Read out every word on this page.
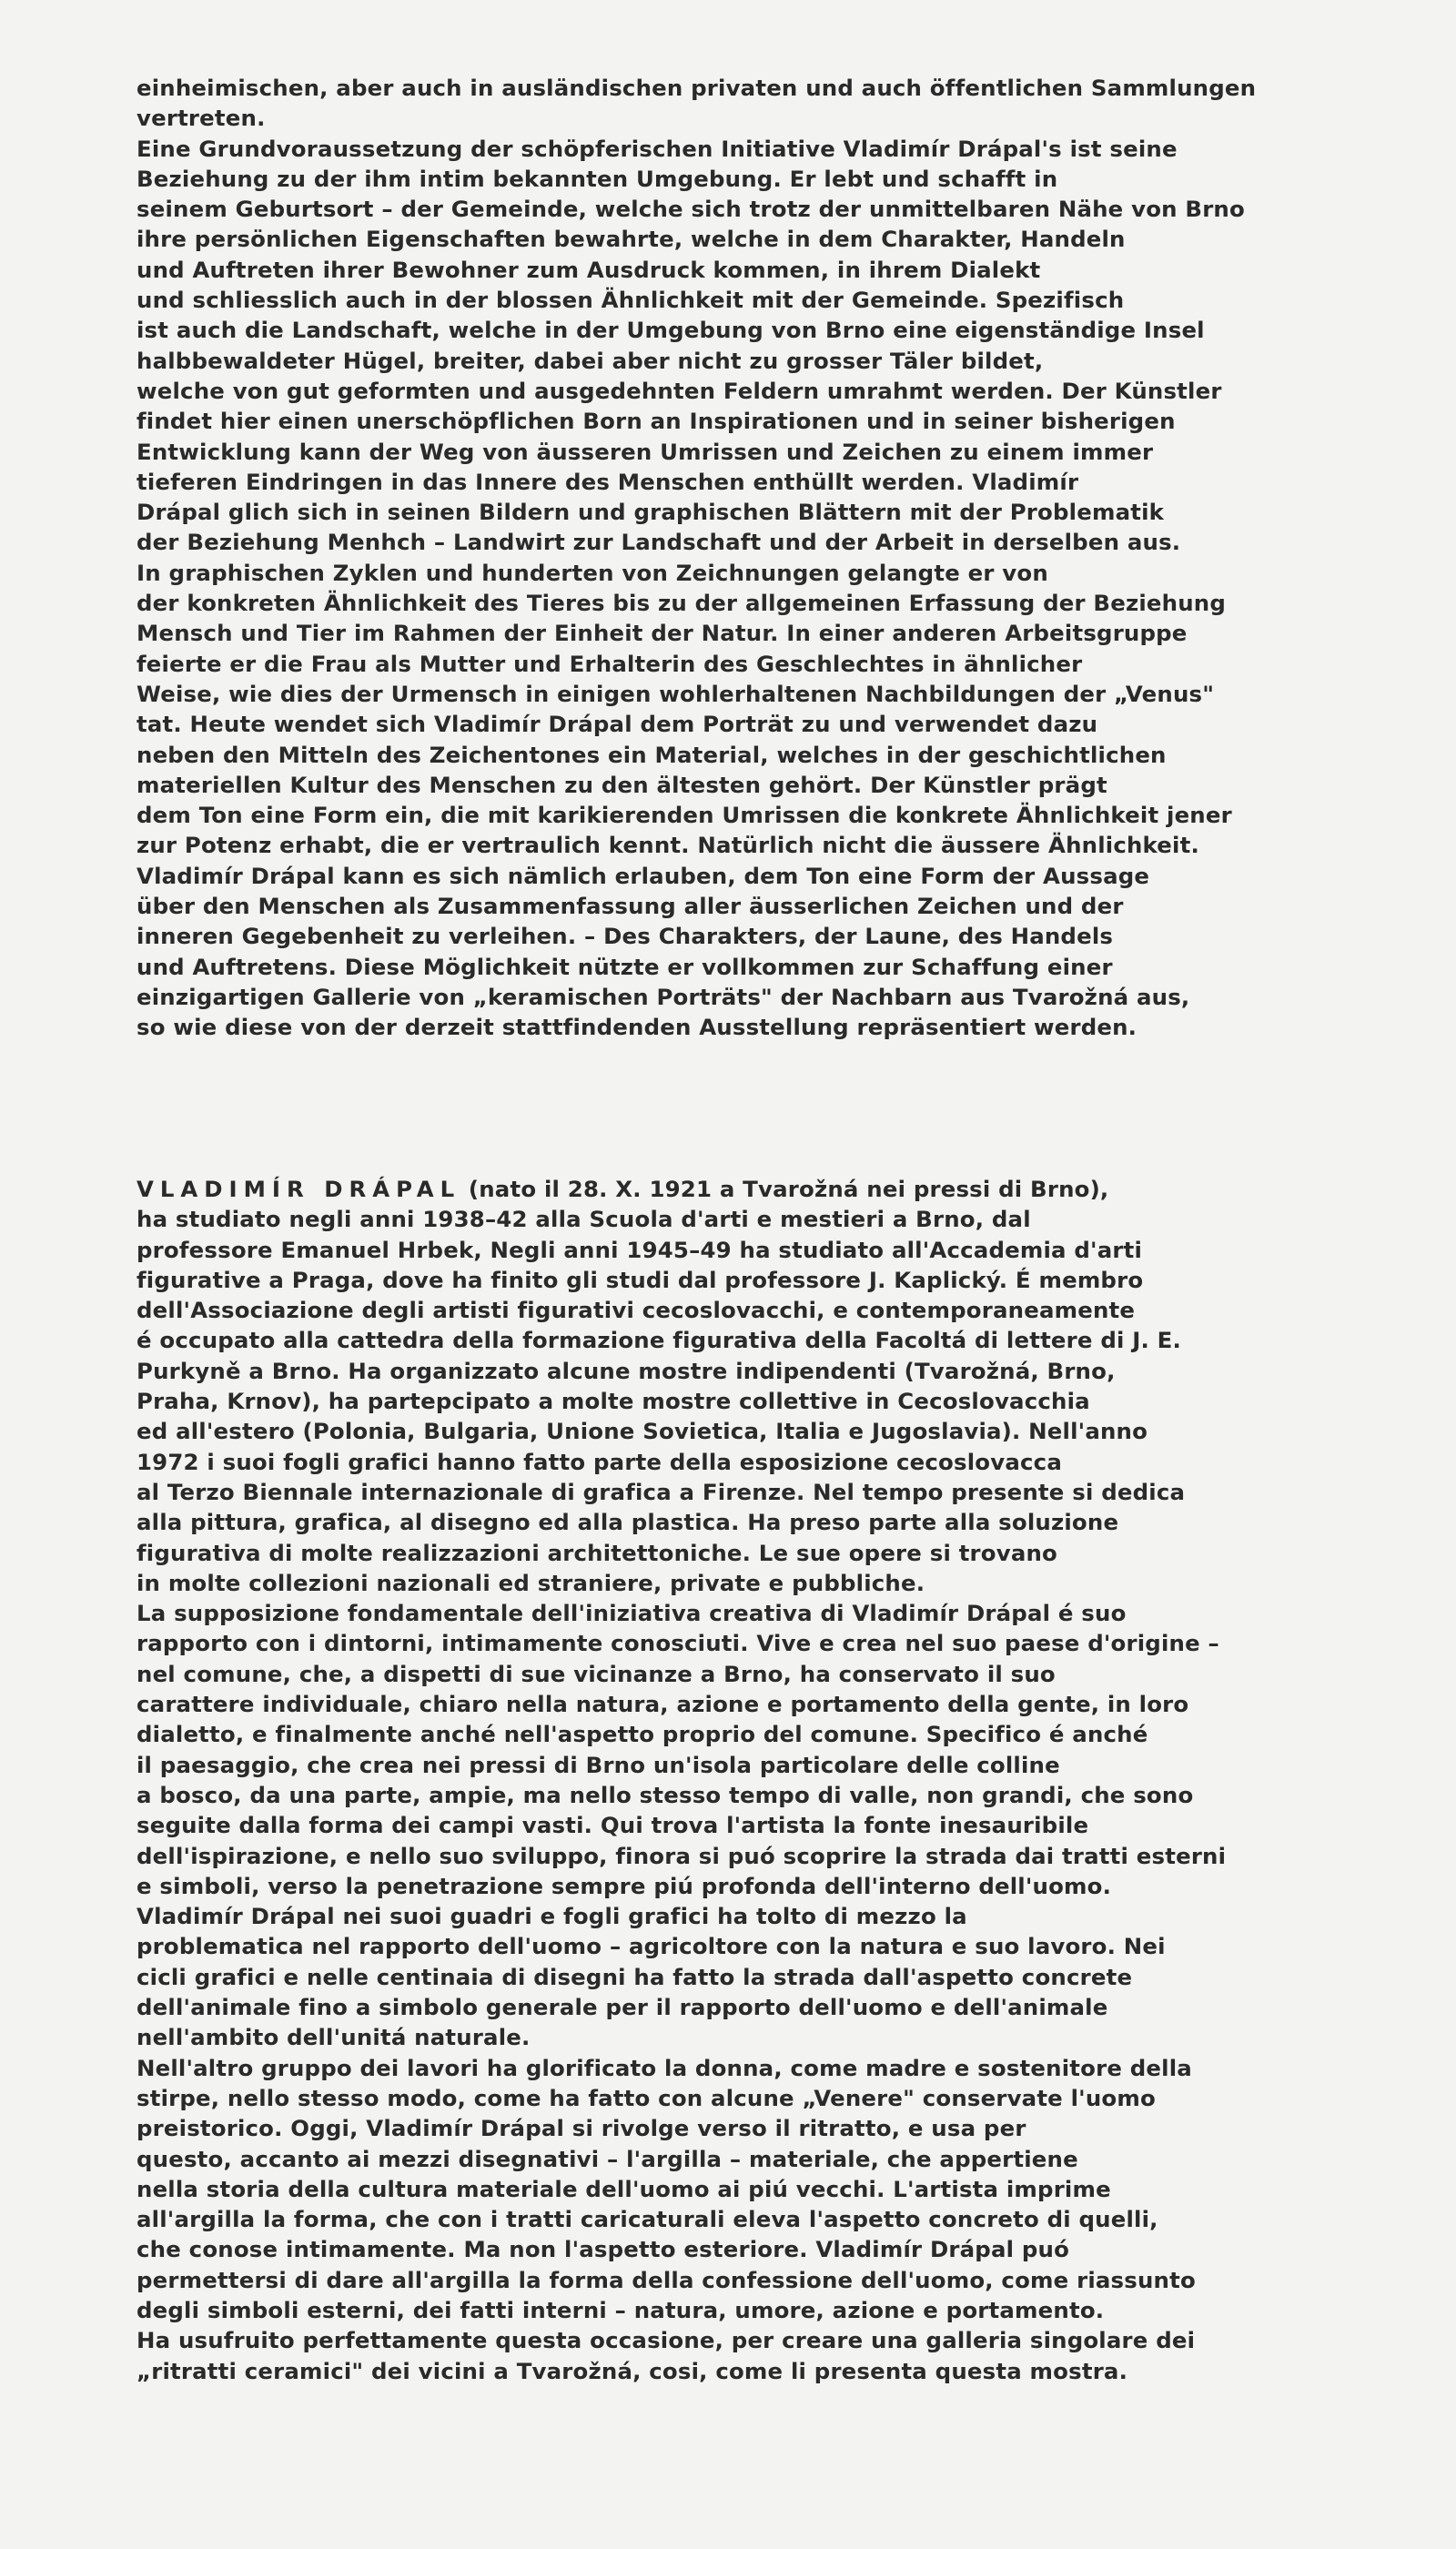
einheimischen, aber auch in ausländischen privaten und auch öffentlichen Sammlungen
vertreten.
Eine Grundvoraussetzung der schöpferischen Initiative Vladimír Drápal's ist seine
Beziehung zu der ihm intim bekannten Umgebung. Er lebt und schafft in
seinem Geburtsort – der Gemeinde, welche sich trotz der unmittelbaren Nähe von Brno
ihre persönlichen Eigenschaften bewahrte, welche in dem Charakter, Handeln
und Auftreten ihrer Bewohner zum Ausdruck kommen, in ihrem Dialekt
und schliesslich auch in der blossen Ähnlichkeit mit der Gemeinde. Spezifisch
ist auch die Landschaft, welche in der Umgebung von Brno eine eigenständige Insel
halbbewaldeter Hügel, breiter, dabei aber nicht zu grosser Täler bildet,
welche von gut geformten und ausgedehnten Feldern umrahmt werden. Der Künstler
findet hier einen unerschöpflichen Born an Inspirationen und in seiner bisherigen
Entwicklung kann der Weg von äusseren Umrissen und Zeichen zu einem immer
tieferen Eindringen in das Innere des Menschen enthüllt werden. Vladimír
Drápal glich sich in seinen Bildern und graphischen Blättern mit der Problematik
der Beziehung Menhch – Landwirt zur Landschaft und der Arbeit in derselben aus.
In graphischen Zyklen und hunderten von Zeichnungen gelangte er von
der konkreten Ähnlichkeit des Tieres bis zu der allgemeinen Erfassung der Beziehung
Mensch und Tier im Rahmen der Einheit der Natur. In einer anderen Arbeitsgruppe
feierte er die Frau als Mutter und Erhalterin des Geschlechtes in ähnlicher
Weise, wie dies der Urmensch in einigen wohlerhaltenen Nachbildungen der „Venus"
tat. Heute wendet sich Vladimír Drápal dem Porträt zu und verwendet dazu
neben den Mitteln des Zeichentones ein Material, welches in der geschichtlichen
materiellen Kultur des Menschen zu den ältesten gehört. Der Künstler prägt
dem Ton eine Form ein, die mit karikierenden Umrissen die konkrete Ähnlichkeit jener
zur Potenz erhabt, die er vertraulich kennt. Natürlich nicht die äussere Ähnlichkeit.
Vladimír Drápal kann es sich nämlich erlauben, dem Ton eine Form der Aussage
über den Menschen als Zusammenfassung aller äusserlichen Zeichen und der
inneren Gegebenheit zu verleihen. – Des Charakters, der Laune, des Handels
und Auftretens. Diese Möglichkeit nützte er vollkommen zur Schaffung einer
einzigartigen Gallerie von „keramischen Porträts" der Nachbarn aus Tvarožná aus,
so wie diese von der derzeit stattfindenden Ausstellung repräsentiert werden.
VLADIMÍR DRÁPAL (nato il 28. X. 1921 a Tvarožná nei pressi di Brno),
ha studiato negli anni 1938–42 alla Scuola d'arti e mestieri a Brno, dal
professore Emanuel Hrbek, Negli anni 1945–49 ha studiato all'Accademia d'arti
figurative a Praga, dove ha finito gli studi dal professore J. Kaplický. É membro
dell'Associazione degli artisti figurativi cecoslovacchi, e contemporaneamente
é occupato alla cattedra della formazione figurativa della Facoltá di lettere di J. E.
Purkyně a Brno. Ha organizzato alcune mostre indipendenti (Tvarožná, Brno,
Praha, Krnov), ha partepcipato a molte mostre collettive in Cecoslovacchia
ed all'estero (Polonia, Bulgaria, Unione Sovietica, Italia e Jugoslavia). Nell'anno
1972 i suoi fogli grafici hanno fatto parte della esposizione cecoslovacca
al Terzo Biennale internazionale di grafica a Firenze. Nel tempo presente si dedica
alla pittura, grafica, al disegno ed alla plastica. Ha preso parte alla soluzione
figurativa di molte realizzazioni architettoniche. Le sue opere si trovano
in molte collezioni nazionali ed straniere, private e pubbliche.
La supposizione fondamentale dell'iniziativa creativa di Vladimír Drápal é suo
rapporto con i dintorni, intimamente conosciuti. Vive e crea nel suo paese d'origine –
nel comune, che, a dispetti di sue vicinanze a Brno, ha conservato il suo
carattere individuale, chiaro nella natura, azione e portamento della gente, in loro
dialetto, e finalmente anché nell'aspetto proprio del comune. Specifico é anché
il paesaggio, che crea nei pressi di Brno un'isola particolare delle colline
a bosco, da una parte, ampie, ma nello stesso tempo di valle, non grandi, che sono
seguite dalla forma dei campi vasti. Qui trova l'artista la fonte inesauribile
dell'ispirazione, e nello suo sviluppo, finora si puó scoprire la strada dai tratti esterni
e simboli, verso la penetrazione sempre piú profonda dell'interno dell'uomo.
Vladimír Drápal nei suoi guadri e fogli grafici ha tolto di mezzo la
problematica nel rapporto dell'uomo – agricoltore con la natura e suo lavoro. Nei
cicli grafici e nelle centinaia di disegni ha fatto la strada dall'aspetto concrete
dell'animale fino a simbolo generale per il rapporto dell'uomo e dell'animale
nell'ambito dell'unitá naturale.
Nell'altro gruppo dei lavori ha glorificato la donna, come madre e sostenitore della
stirpe, nello stesso modo, come ha fatto con alcune „Venere" conservate l'uomo
preistorico. Oggi, Vladimír Drápal si rivolge verso il ritratto, e usa per
questo, accanto ai mezzi disegnativi – l'argilla – materiale, che appertiene
nella storia della cultura materiale dell'uomo ai piú vecchi. L'artista imprime
all'argilla la forma, che con i tratti caricaturali eleva l'aspetto concreto di quelli,
che conose intimamente. Ma non l'aspetto esteriore. Vladimír Drápal puó
permettersi di dare all'argilla la forma della confessione dell'uomo, come riassunto
degli simboli esterni, dei fatti interni – natura, umore, azione e portamento.
Ha usufruito perfettamente questa occasione, per creare una galleria singolare dei
„ritratti ceramici" dei vicini a Tvarožná, cosi, come li presenta questa mostra.
